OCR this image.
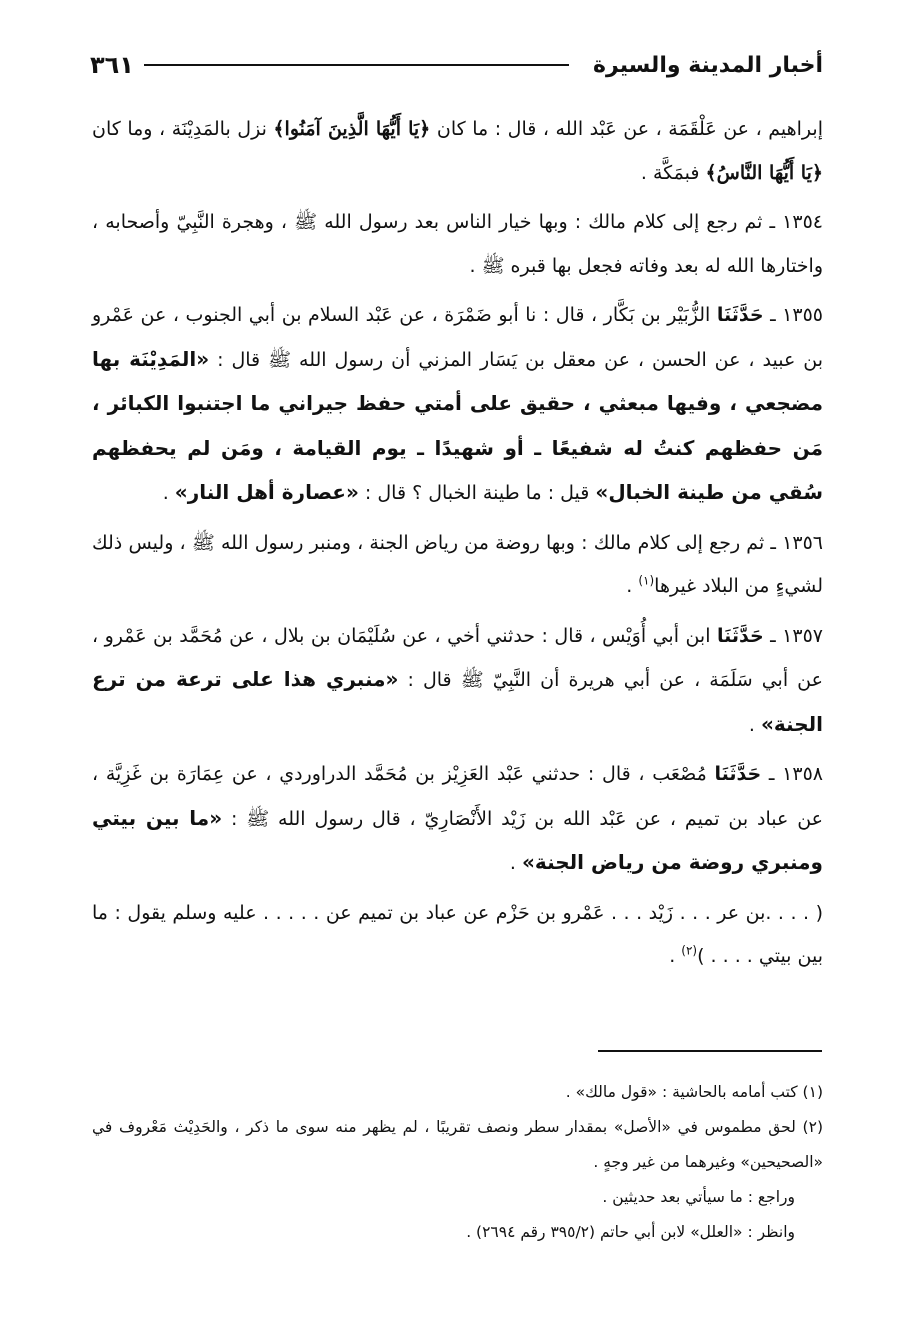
أخبار المدينة والسيرة
٣٦١

إبراهيم ، عن عَلْقَمَة ، عن عَبْد الله ، قال : ما كان ﴿يَا أَيُّهَا الَّذِينَ آمَنُوا﴾ نزل بالمَدِيْنَة ، وما كان ﴿يَا أَيُّهَا النَّاسُ﴾ فبمَكَّة .

١٣٥٤ ـ ثم رجع إلى كلام مالك : وبها خيار الناس بعد رسول الله ﷺ ، وهجرة النَّبِيّ وأصحابه ، واختارها الله له بعد وفاته فجعل بها قبره ﷺ .

١٣٥٥ ـ حَدَّثَنَا الزُّبَيْر بن بَكَّار ، قال : نا أبو ضَمْرَة ، عن عَبْد السلام بن أبي الجنوب ، عن عَمْرو بن عبيد ، عن الحسن ، عن معقل بن يَسَار المزني أن رسول الله ﷺ قال : «المَدِيْنَة بها مضجعي ، وفيها مبعثي ، حقيق على أمتي حفظ جيراني ما اجتنبوا الكبائر ، مَن حفظهم كنتُ له شفيعًا ـ أو شهيدًا ـ يوم القيامة ، ومَن لم يحفظهم سُقي من طينة الخبال» قيل : ما طينة الخبال ؟ قال : «عصارة أهل النار» .

١٣٥٦ ـ ثم رجع إلى كلام مالك : وبها روضة من رياض الجنة ، ومنبر رسول الله ﷺ ، وليس ذلك لشيءٍ من البلاد غيرها$^{(١)}$ .

١٣٥٧ ـ حَدَّثَنَا ابن أبي أُوَيْس ، قال : حدثني أخي ، عن سُلَيْمَان بن بلال ، عن مُحَمَّد بن عَمْرو ، عن أبي سَلَمَة ، عن أبي هريرة أن النَّبِيّ ﷺ قال : «منبري هذا على ترعة من ترع الجنة» .

١٣٥٨ ـ حَدَّثَنَا مُصْعَب ، قال : حدثني عَبْد العَزِيْز بن مُحَمَّد الدراوردي ، عن عِمَارَة بن غَزِيَّة ، عن عباد بن تميم ، عن عَبْد الله بن زَيْد الأَنْصَارِيّ ، قال رسول الله ﷺ : «ما بين بيتي ومنبري روضة من رياض الجنة» .

( . . . .بن عر . . . زَيْد . . . عَمْرو بن حَزْم عن عباد بن تميم عن . . . . . عليه وسلم يقول : ما بين بيتي . . . . )$^{(٢)}$ .

(١) كتب أمامه بالحاشية : «قول مالك» .

(٢) لحق مطموس في «الأصل» بمقدار سطر ونصف تقريبًا ، لم يظهر منه سوى ما ذكر ، والحَدِيْث مَعْروف في «الصحيحين» وغيرهما من غير وجهٍ .

وراجع : ما سيأتي بعد حديثين .

وانظر : «العلل» لابن أبي حاتم (٣٩٥/٢ رقم ٢٦٩٤) .
